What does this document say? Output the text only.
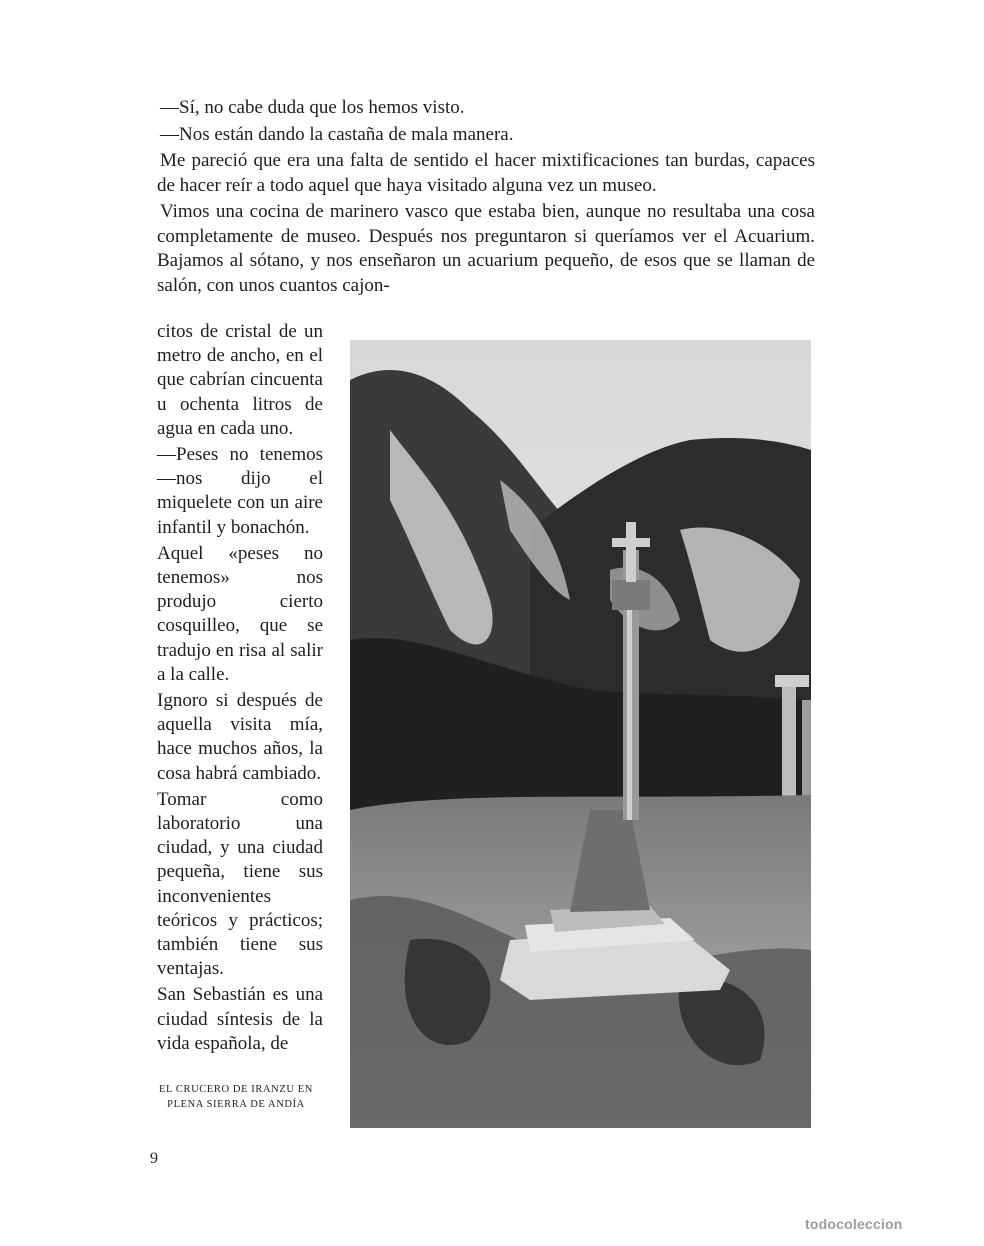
—Sí, no cabe duda que los hemos visto.

—Nos están dando la castaña de mala manera.

Me pareció que era una falta de sentido el hacer mixtificaciones tan burdas, capaces de hacer reír a todo aquel que haya visitado alguna vez un museo.

Vimos una cocina de marinero vasco que estaba bien, aunque no resultaba una cosa completamente de museo. Después nos preguntaron si queríamos ver el Acuarium. Bajamos al sótano, y nos enseñaron un acuarium pequeño, de esos que se llaman de salón, con unos cuantos cajon-

citos de cristal de un metro de ancho, en el que cabrían cincuenta u ochenta litros de agua en cada uno.

—Peses no tenemos —nos dijo el miquelete con un aire infantil y bonachón.

Aquel «peses no tenemos» nos produjo cierto cosquilleo, que se tradujo en risa al salir a la calle.

Ignoro si después de aquella visita mía, hace muchos años, la cosa habrá cambiado.

Tomar como laboratorio una ciudad, y una ciudad pequeña, tiene sus inconvenientes teóricos y prácticos; también tiene sus ventajas.

San Sebastián es una ciudad síntesis de la vida española, de

EL CRUCERO DE IRANZU EN PLENA SIERRA DE ANDÍA
9
todocoleccion
